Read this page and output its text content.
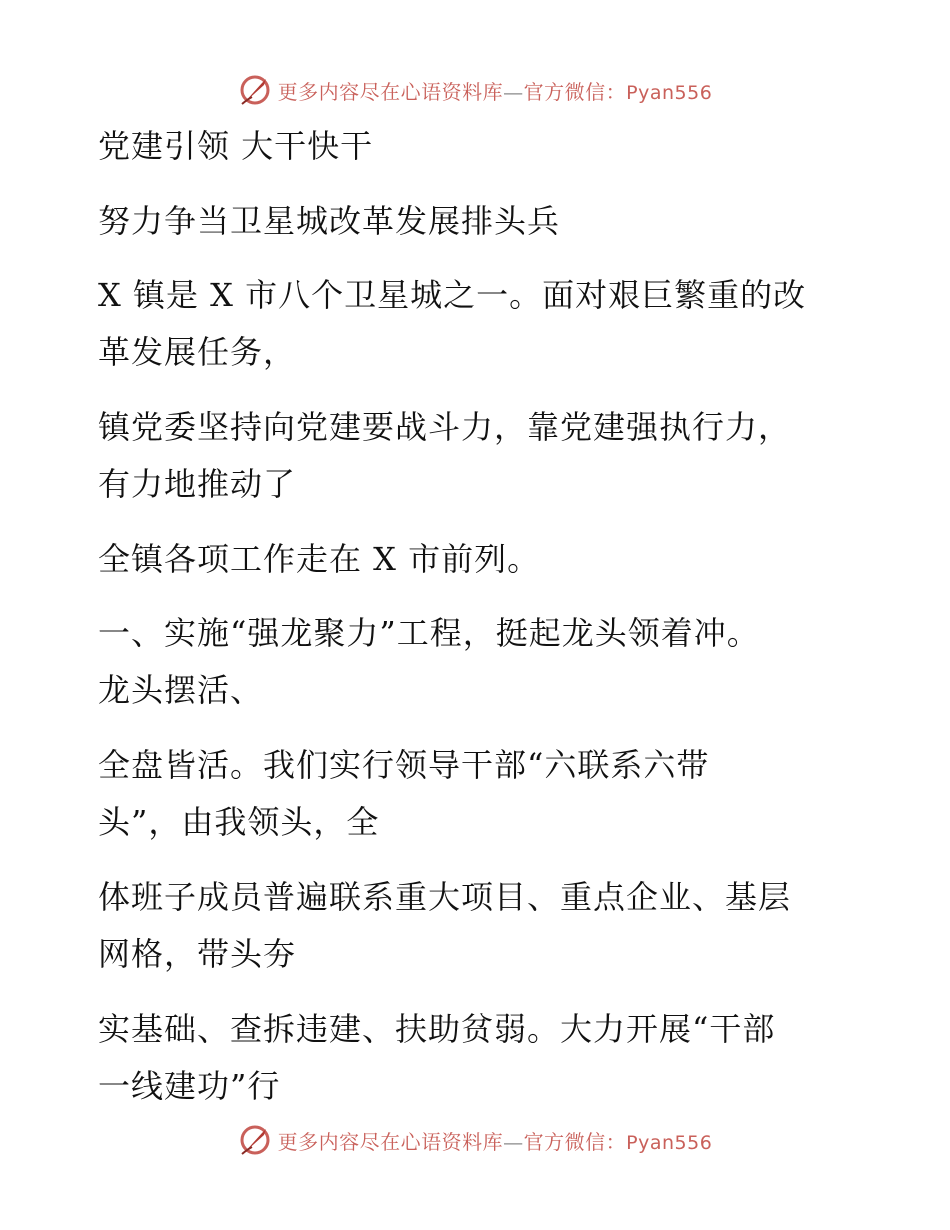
更多内容尽在心语资料库—官方微信：Pyan556
党建引领 大干快干
努力争当卫星城改革发展排头兵
X 镇是 X 市八个卫星城之一。面对艰巨繁重的改
革发展任务，
镇党委坚持向党建要战斗力，靠党建强执行力，
有力地推动了
全镇各项工作走在 X 市前列。
一、实施“强龙聚力”工程，挺起龙头领着冲。
龙头摆活、
全盘皆活。我们实行领导干部“六联系六带
头”，由我领头，全
体班子成员普遍联系重大项目、重点企业、基层
网格，带头夯
实基础、查拆违建、扶助贫弱。大力开展“干部
一线建功”行
更多内容尽在心语资料库—官方微信：Pyan556
